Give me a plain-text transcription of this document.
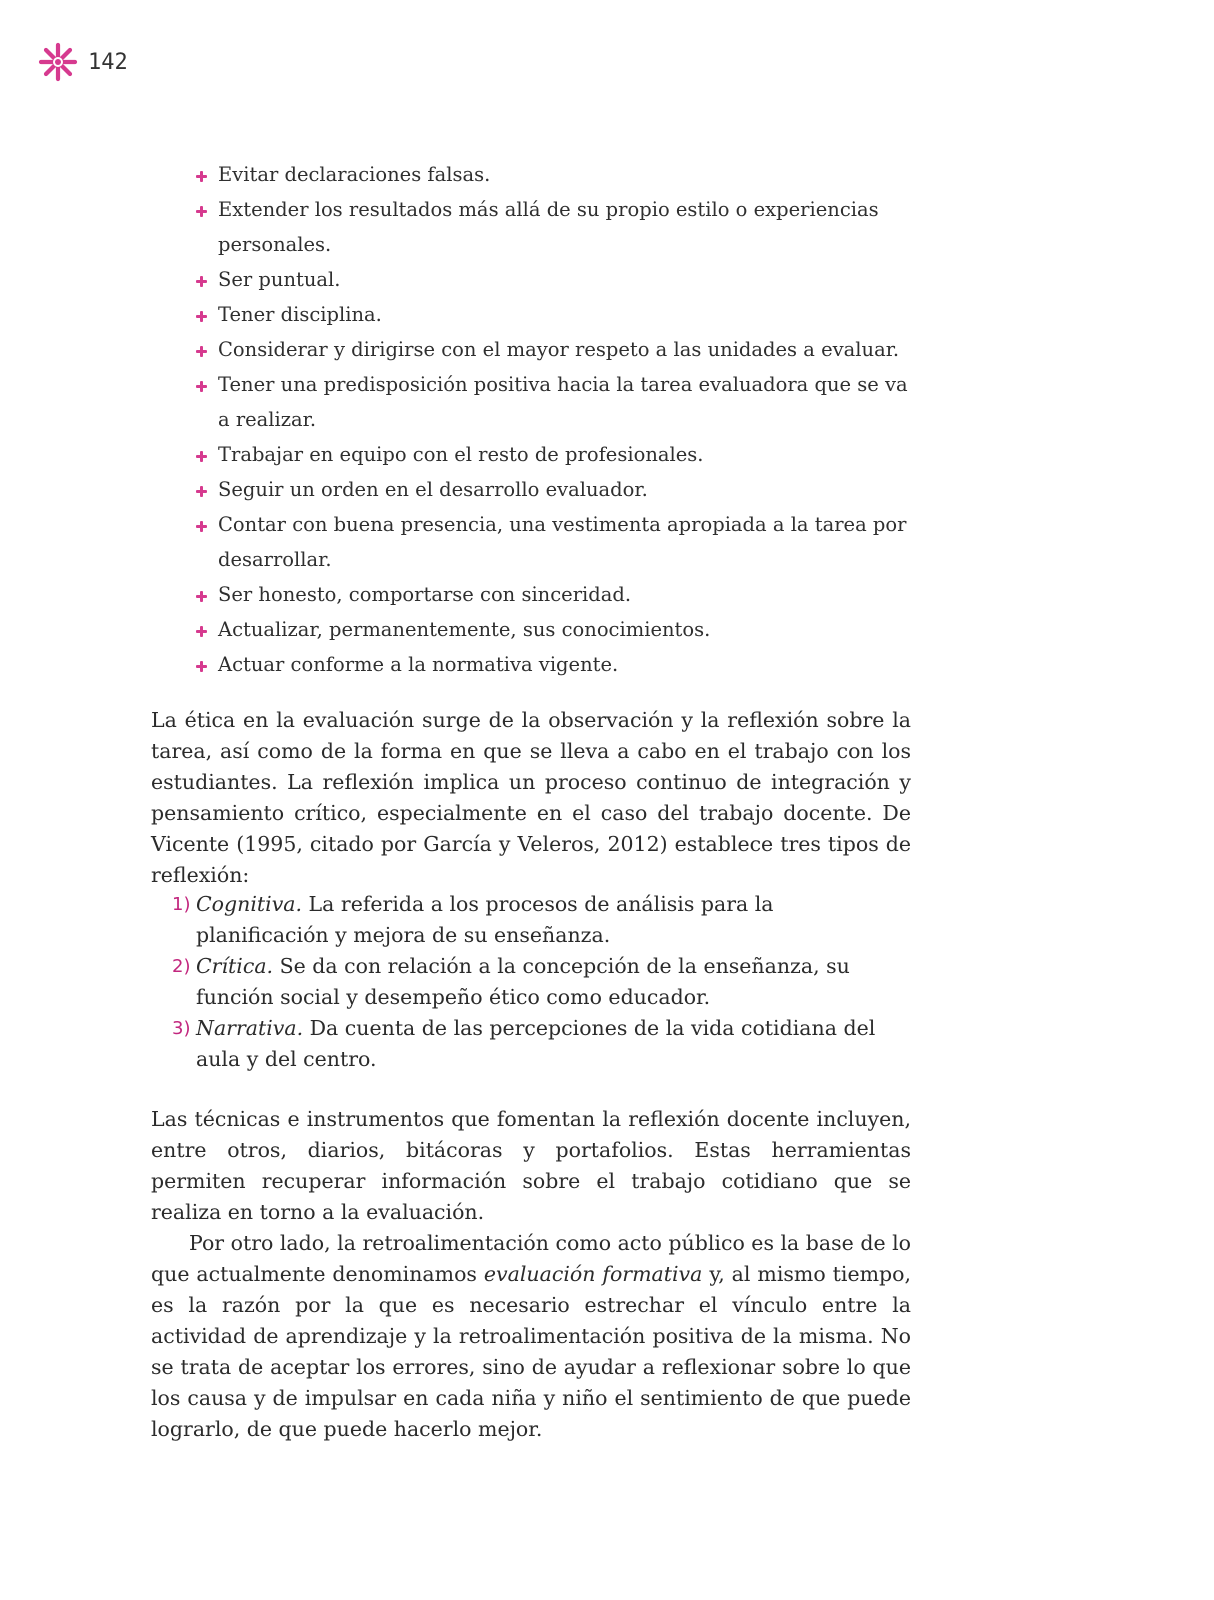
142
Evitar declaraciones falsas.
Extender los resultados más allá de su propio estilo o experiencias personales.
Ser puntual.
Tener disciplina.
Considerar y dirigirse con el mayor respeto a las unidades a evaluar.
Tener una predisposición positiva hacia la tarea evaluadora que se va a realizar.
Trabajar en equipo con el resto de profesionales.
Seguir un orden en el desarrollo evaluador.
Contar con buena presencia, una vestimenta apropiada a la tarea por desarrollar.
Ser honesto, comportarse con sinceridad.
Actualizar, permanentemente, sus conocimientos.
Actuar conforme a la normativa vigente.

La ética en la evaluación surge de la observación y la reflexión sobre la tarea, así como de la forma en que se lleva a cabo en el trabajo con los estudiantes. La reflexión implica un proceso continuo de integración y pensamiento crítico, especialmente en el caso del trabajo docente. De Vicente (1995, citado por García y Veleros, 2012) establece tres tipos de reflexión:

1) Cognitiva. La referida a los procesos de análisis para la planificación y mejora de su enseñanza.
2) Crítica. Se da con relación a la concepción de la enseñanza, su función social y desempeño ético como educador.
3) Narrativa. Da cuenta de las percepciones de la vida cotidiana del aula y del centro.

Las técnicas e instrumentos que fomentan la reflexión docente incluyen, entre otros, diarios, bitácoras y portafolios. Estas herramientas permiten recuperar información sobre el trabajo cotidiano que se realiza en torno a la evaluación.

Por otro lado, la retroalimentación como acto público es la base de lo que actualmente denominamos evaluación formativa y, al mismo tiempo, es la razón por la que es necesario estrechar el vínculo entre la actividad de aprendizaje y la retroalimentación positiva de la misma. No se trata de aceptar los errores, sino de ayudar a reflexionar sobre lo que los causa y de impulsar en cada niña y niño el sentimiento de que puede lograrlo, de que puede hacerlo mejor.
